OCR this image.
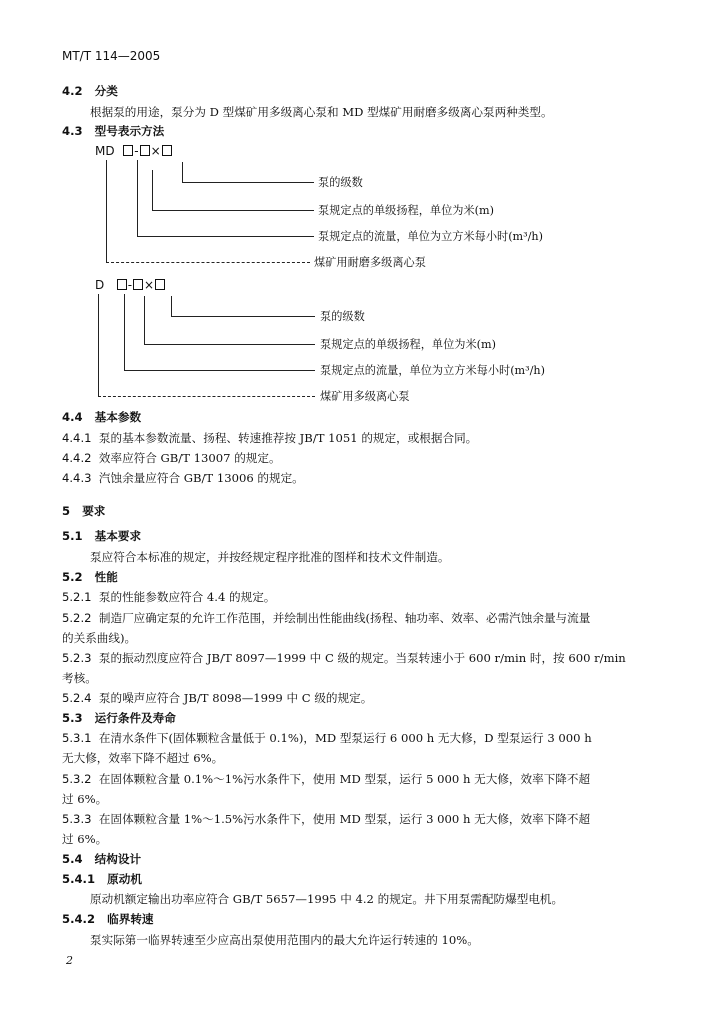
MT/T 114—2005
4.2 分类
根据泵的用途，泵分为 D 型煤矿用多级离心泵和 MD 型煤矿用耐磨多级离心泵两种类型。
4.3 型号表示方法
MD - ×
泵的级数
泵规定点的单级扬程，单位为米(m)
泵规定点的流量，单位为立方米每小时(m³/h)
煤矿用耐磨多级离心泵
D - ×
泵的级数
泵规定点的单级扬程，单位为米(m)
泵规定点的流量，单位为立方米每小时(m³/h)
煤矿用多级离心泵
4.4 基本参数
4.4.1 泵的基本参数流量、扬程、转速推荐按 JB/T 1051 的规定，或根据合同。
4.4.2 效率应符合 GB/T 13007 的规定。
4.4.3 汽蚀余量应符合 GB/T 13006 的规定。
5 要求
5.1 基本要求
泵应符合本标准的规定，并按经规定程序批准的图样和技术文件制造。
5.2 性能
5.2.1 泵的性能参数应符合 4.4 的规定。
5.2.2 制造厂应确定泵的允许工作范围，并绘制出性能曲线(扬程、轴功率、效率、必需汽蚀余量与流量
的关系曲线)。
5.2.3 泵的振动烈度应符合 JB/T 8097—1999 中 C 级的规定。当泵转速小于 600 r/min 时，按 600 r/min
考核。
5.2.4 泵的噪声应符合 JB/T 8098—1999 中 C 级的规定。
5.3 运行条件及寿命
5.3.1 在清水条件下(固体颗粒含量低于 0.1%)，MD 型泵运行 6 000 h 无大修，D 型泵运行 3 000 h
无大修，效率下降不超过 6%。
5.3.2 在固体颗粒含量 0.1%～1%污水条件下，使用 MD 型泵，运行 5 000 h 无大修，效率下降不超
过 6%。
5.3.3 在固体颗粒含量 1%～1.5%污水条件下，使用 MD 型泵，运行 3 000 h 无大修，效率下降不超
过 6%。
5.4 结构设计
5.4.1 原动机
原动机额定输出功率应符合 GB/T 5657—1995 中 4.2 的规定。井下用泵需配防爆型电机。
5.4.2 临界转速
泵实际第一临界转速至少应高出泵使用范围内的最大允许运行转速的 10%。
2
